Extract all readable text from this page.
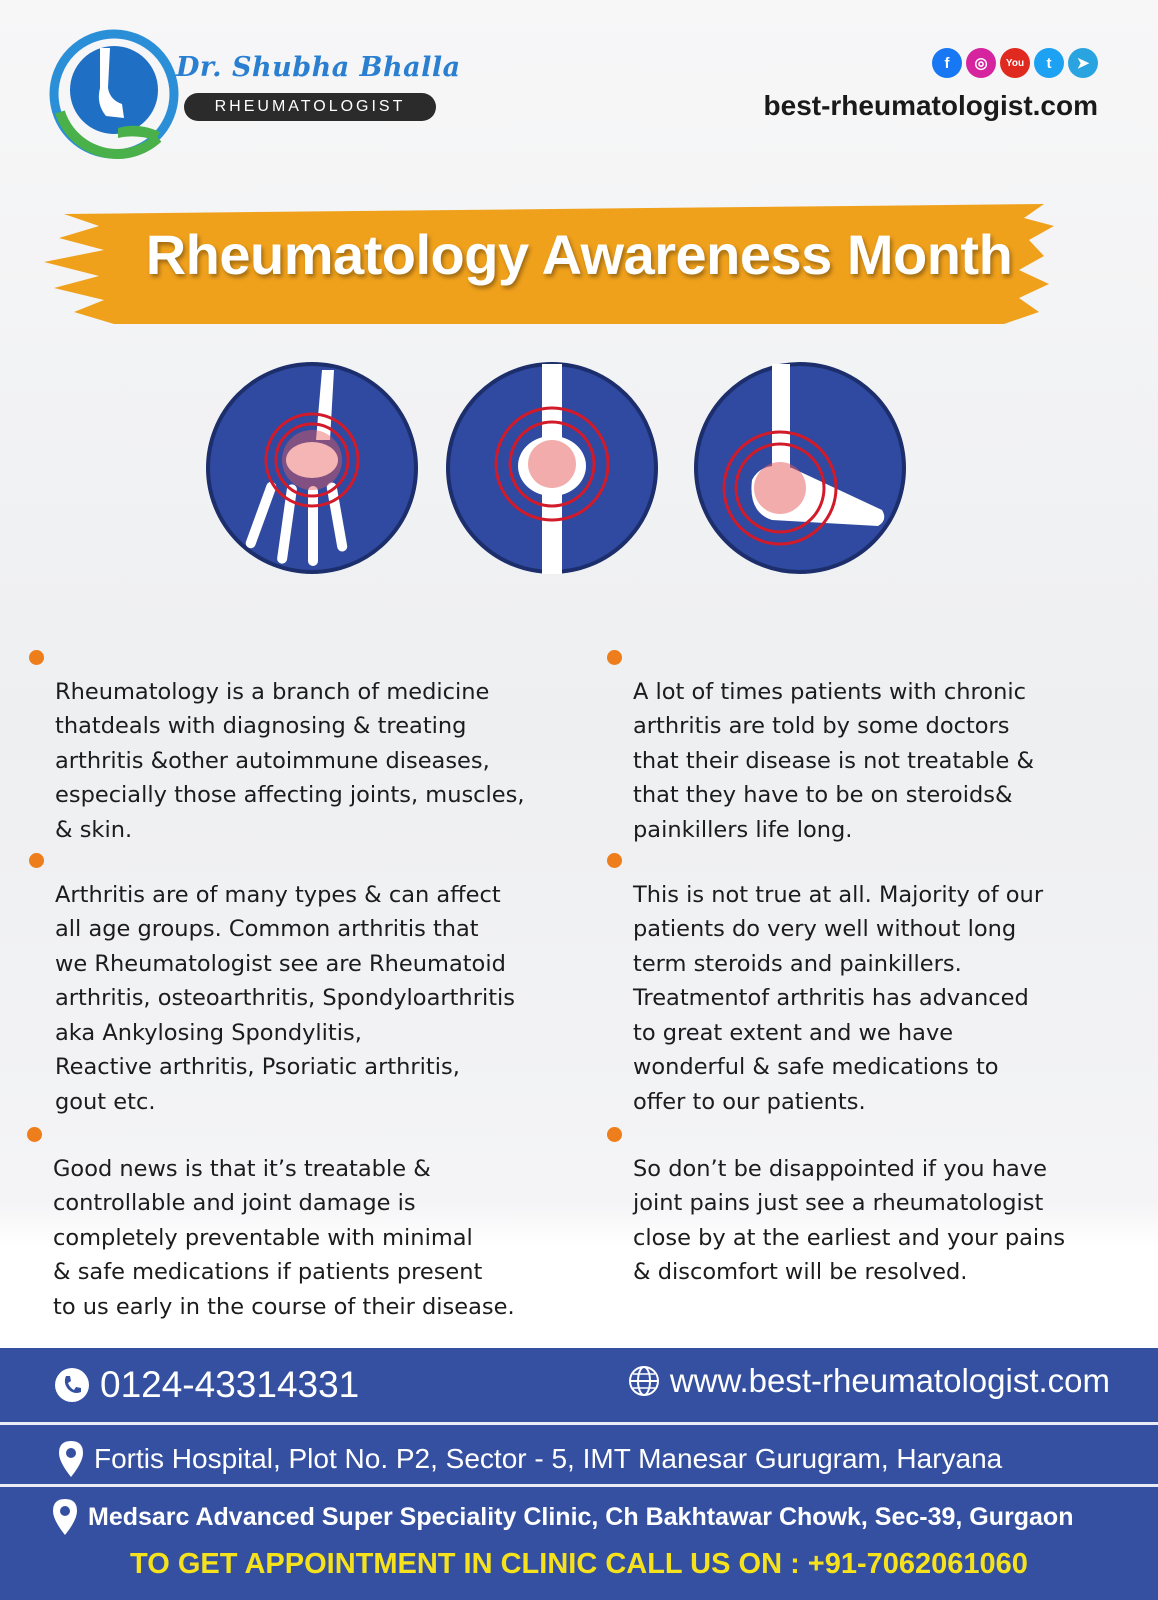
Dr. Shubha Bhalla
RHEUMATOLOGIST
f	◎	You	t	➤
best-rheumatologist.com
Rheumatology Awareness Month

Rheumatology is a branch of medicine
thatdeals with diagnosing & treating
arthritis &other autoimmune diseases,
especially those affecting joints, muscles,
& skin.

Arthritis are of many types & can affect
all age groups. Common arthritis that
we Rheumatologist see are Rheumatoid
arthritis, osteoarthritis, Spondyloarthritis
aka Ankylosing Spondylitis,
Reactive arthritis, Psoriatic arthritis,
gout etc.

Good news is that it’s treatable &
controllable and joint damage is
completely preventable with minimal
& safe medications if patients present
to us early in the course of their disease.

A lot of times patients with chronic
arthritis are told by some doctors
that their disease is not treatable &
that they have to be on steroids&
painkillers life long.

This is not true at all. Majority of our
patients do very well without long
term steroids and painkillers.
Treatmentof arthritis has advanced
to great extent and we have
wonderful & safe medications to
offer to our patients.

So don’t be disappointed if you have
joint pains just see a rheumatologist
close by at the earliest and your pains
& discomfort will be resolved.

0124-43314331	www.best-rheumatologist.com
Fortis Hospital, Plot No. P2, Sector - 5, IMT Manesar Gurugram, Haryana
Medsarc Advanced Super Speciality Clinic, Ch Bakhtawar Chowk, Sec-39, Gurgaon
TO GET APPOINTMENT IN CLINIC CALL US ON : +91-7062061060
